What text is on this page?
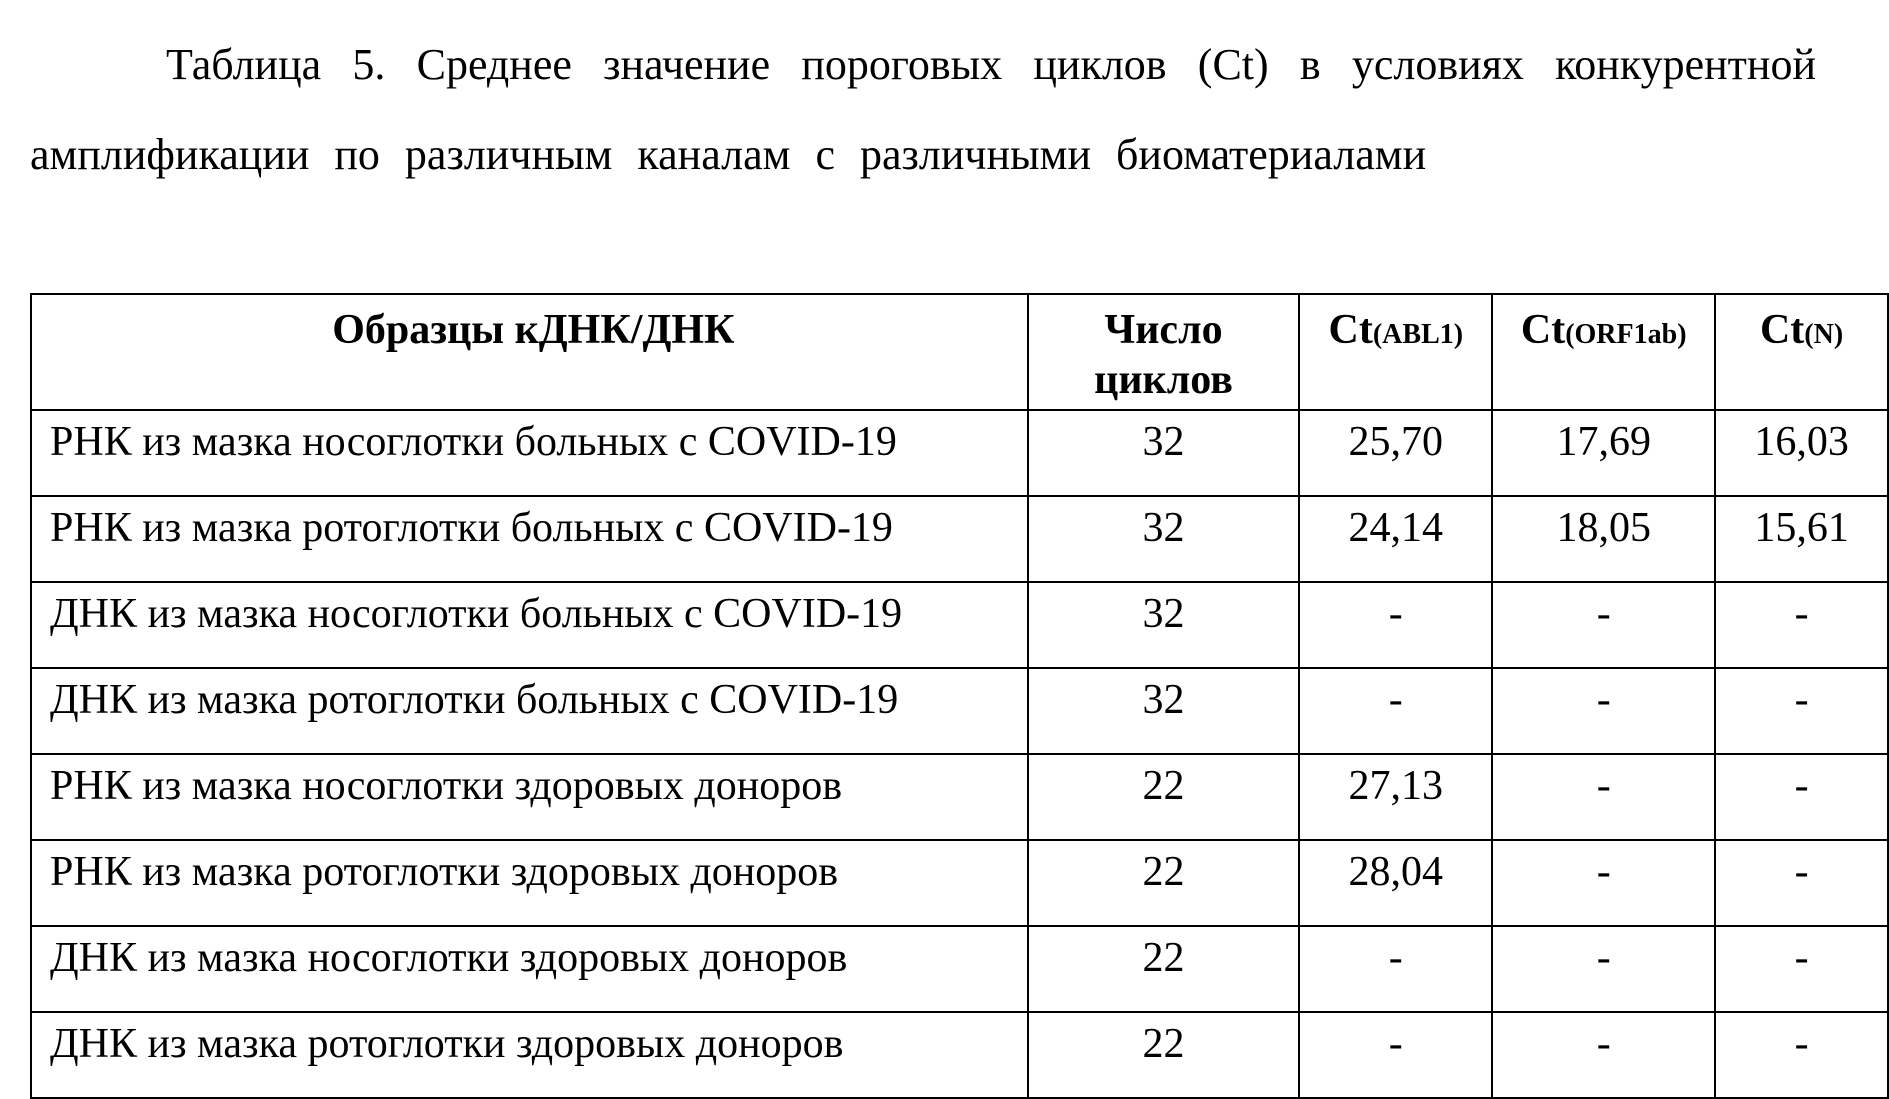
Таблица 5. Среднее значение пороговых циклов (Ct) в условиях конкурентной амплификации по различным каналам с различными биоматериалами
Образцы кДНК/ДНК	Число циклов	Ct(ABL1)	Ct(ORF1ab)	Ct(N)
РНК из мазка носоглотки больных с COVID-19	32	25,70	17,69	16,03
РНК из мазка ротоглотки больных с COVID-19	32	24,14	18,05	15,61
ДНК из мазка носоглотки больных с COVID-19	32	-	-	-
ДНК из мазка ротоглотки больных с COVID-19	32	-	-	-
РНК из мазка носоглотки здоровых доноров	22	27,13	-	-
РНК из мазка ротоглотки здоровых доноров	22	28,04	-	-
ДНК из мазка носоглотки здоровых доноров	22	-	-	-
ДНК из мазка ротоглотки здоровых доноров	22	-	-	-
